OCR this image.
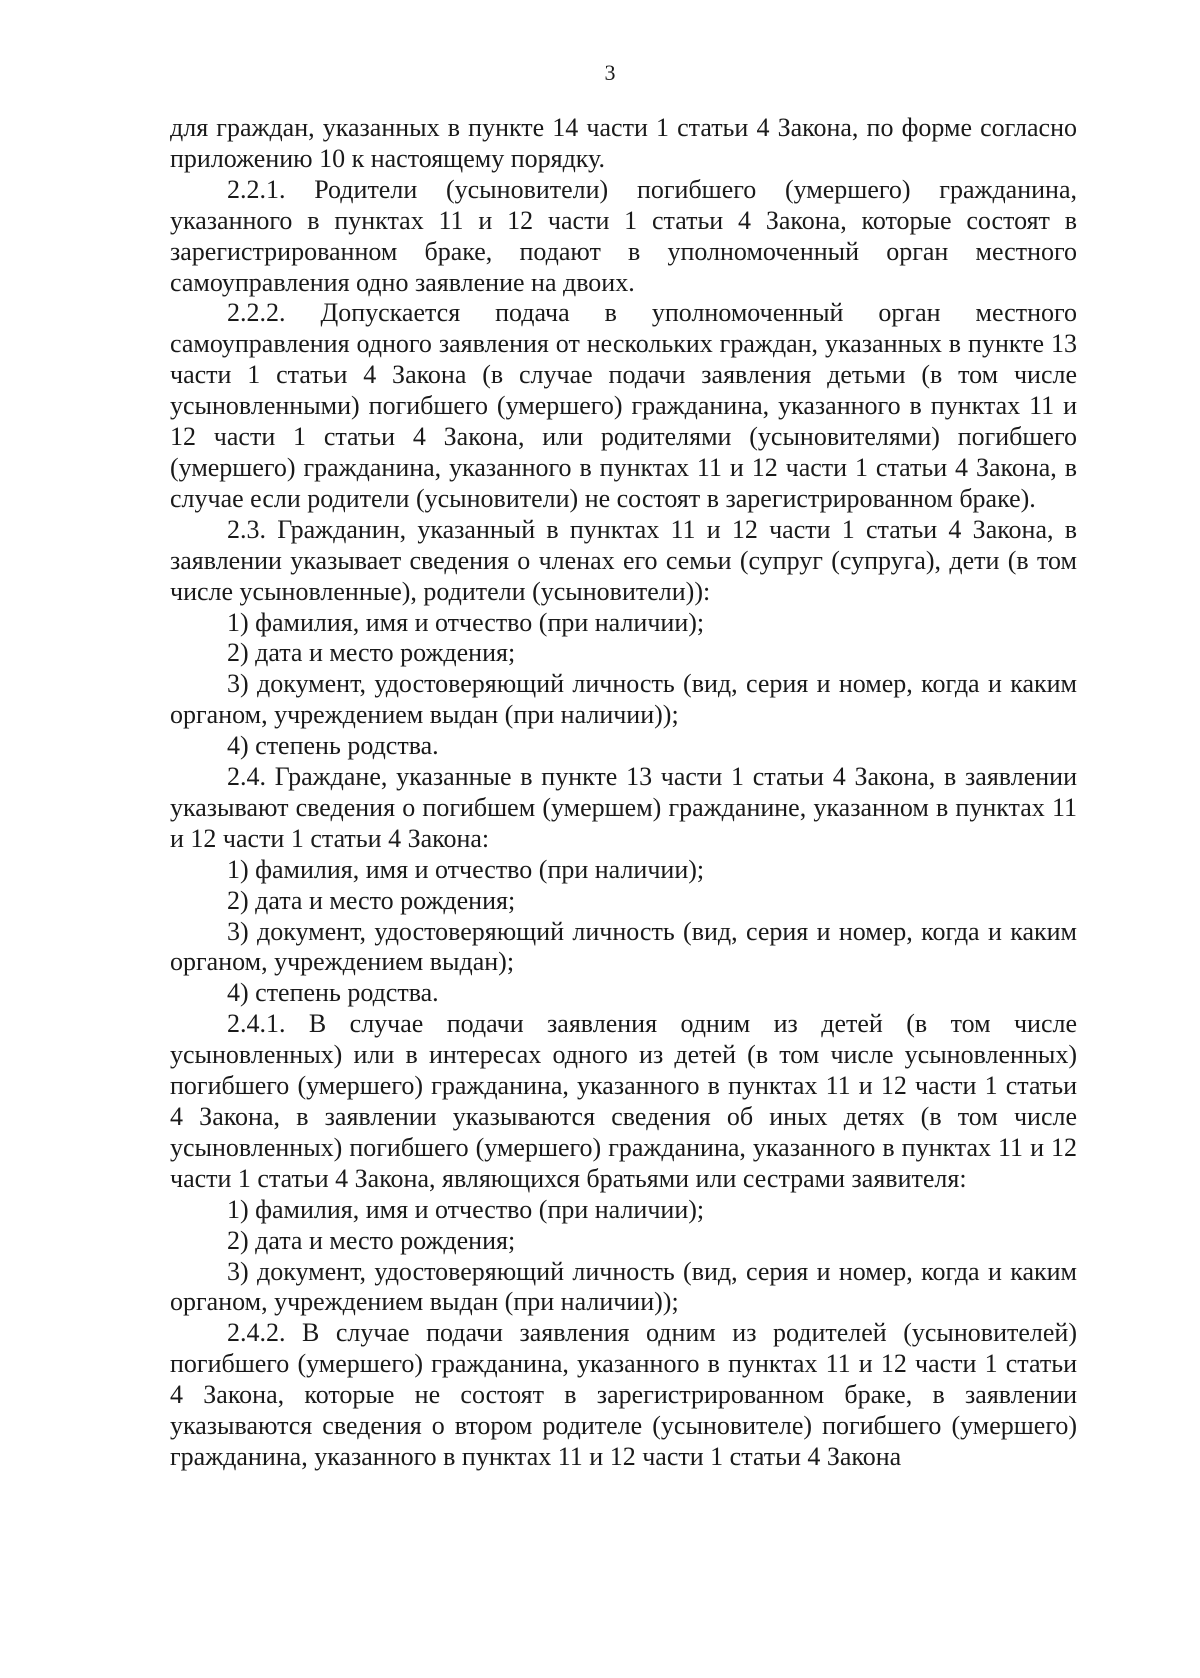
3

для граждан, указанных в пункте 14 части 1 статьи 4 Закона, по форме согласно приложению 10 к настоящему порядку.

2.2.1. Родители (усыновители) погибшего (умершего) гражданина, указанного в пунктах 11 и 12 части 1 статьи 4 Закона, которые состоят в зарегистрированном браке, подают в уполномоченный орган местного самоуправления одно заявление на двоих.

2.2.2. Допускается подача в уполномоченный орган местного самоуправления одного заявления от нескольких граждан, указанных в пункте 13 части 1 статьи 4 Закона (в случае подачи заявления детьми (в том числе усыновленными) погибшего (умершего) гражданина, указанного в пунктах 11 и 12 части 1 статьи 4 Закона, или родителями (усыновителями) погибшего (умершего) гражданина, указанного в пунктах 11 и 12 части 1 статьи 4 Закона, в случае если родители (усыновители) не состоят в зарегистрированном браке).

2.3. Гражданин, указанный в пунктах 11 и 12 части 1 статьи 4 Закона, в заявлении указывает сведения о членах его семьи (супруг (супруга), дети (в том числе усыновленные), родители (усыновители)):

1) фамилия, имя и отчество (при наличии);

2) дата и место рождения;

3) документ, удостоверяющий личность (вид, серия и номер, когда и каким органом, учреждением выдан (при наличии));

4) степень родства.

2.4. Граждане, указанные в пункте 13 части 1 статьи 4 Закона, в заявлении указывают сведения о погибшем (умершем) гражданине, указанном в пунктах 11 и 12 части 1 статьи 4 Закона:

1) фамилия, имя и отчество (при наличии);

2) дата и место рождения;

3) документ, удостоверяющий личность (вид, серия и номер, когда и каким органом, учреждением выдан);

4) степень родства.

2.4.1. В случае подачи заявления одним из детей (в том числе усыновленных) или в интересах одного из детей (в том числе усыновленных) погибшего (умершего) гражданина, указанного в пунктах 11 и 12 части 1 статьи 4 Закона, в заявлении указываются сведения об иных детях (в том числе усыновленных) погибшего (умершего) гражданина, указанного в пунктах 11 и 12 части 1 статьи 4 Закона, являющихся братьями или сестрами заявителя:

1) фамилия, имя и отчество (при наличии);

2) дата и место рождения;

3) документ, удостоверяющий личность (вид, серия и номер, когда и каким органом, учреждением выдан (при наличии));

2.4.2. В случае подачи заявления одним из родителей (усыновителей) погибшего (умершего) гражданина, указанного в пунктах 11 и 12 части 1 статьи 4 Закона, которые не состоят в зарегистрированном браке, в заявлении указываются сведения о втором родителе (усыновителе) погибшего (умершего) гражданина, указанного в пунктах 11 и 12 части 1 статьи 4 Закона
